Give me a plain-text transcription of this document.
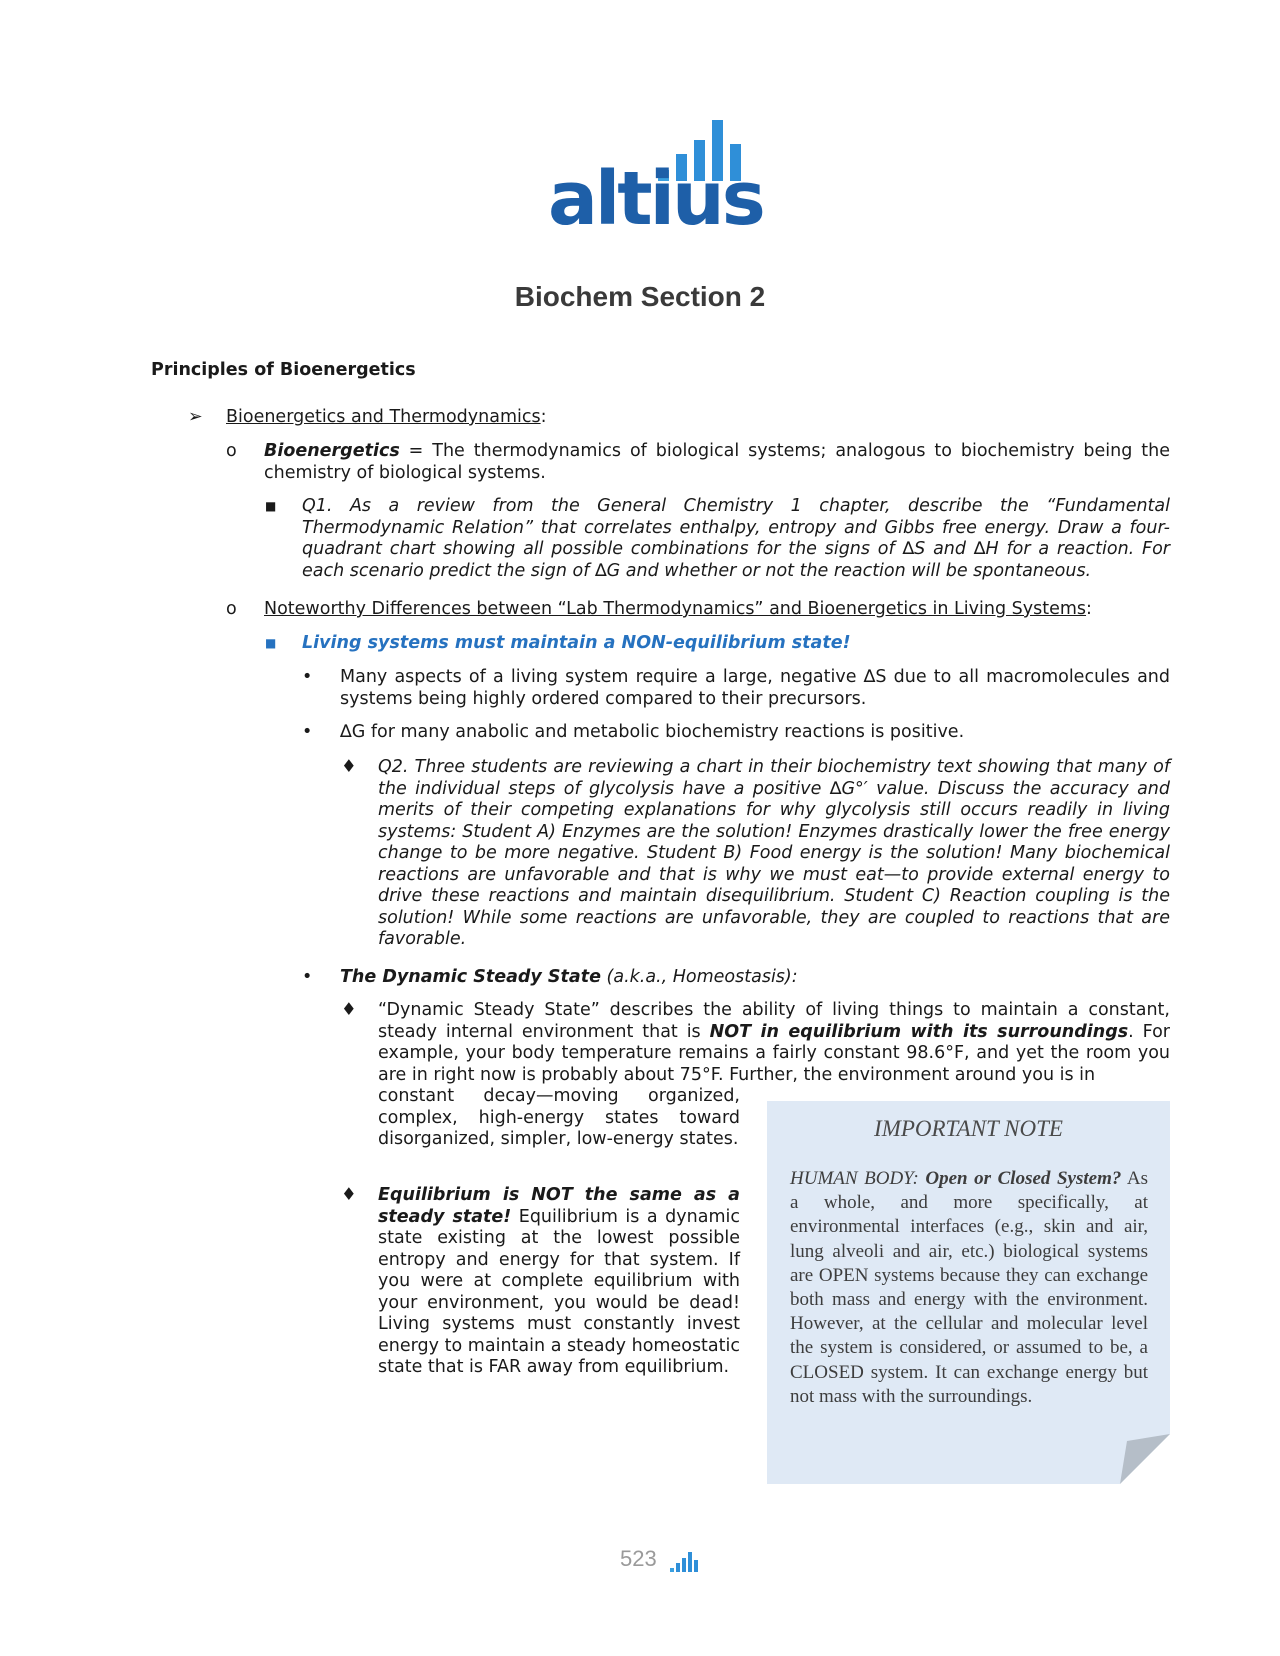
altius
Biochem Section 2
Principles of Bioenergetics
➢ Bioenergetics and Thermodynamics:
o Bioenergetics = The thermodynamics of biological systems; analogous to biochemistry being the chemistry of biological systems.
■ Q1. As a review from the General Chemistry 1 chapter, describe the “Fundamental Thermodynamic Relation” that correlates enthalpy, entropy and Gibbs free energy. Draw a four-quadrant chart showing all possible combinations for the signs of ∆S and ∆H for a reaction. For each scenario predict the sign of ∆G and whether or not the reaction will be spontaneous.
o Noteworthy Differences between “Lab Thermodynamics” and Bioenergetics in Living Systems:
■ Living systems must maintain a NON-equilibrium state!
• Many aspects of a living system require a large, negative ∆S due to all macromolecules and systems being highly ordered compared to their precursors.
• ∆G for many anabolic and metabolic biochemistry reactions is positive.
♦ Q2. Three students are reviewing a chart in their biochemistry text showing that many of the individual steps of glycolysis have a positive ∆G°′ value. Discuss the accuracy and merits of their competing explanations for why glycolysis still occurs readily in living systems: Student A) Enzymes are the solution! Enzymes drastically lower the free energy change to be more negative. Student B) Food energy is the solution! Many biochemical reactions are unfavorable and that is why we must eat—to provide external energy to drive these reactions and maintain disequilibrium. Student C) Reaction coupling is the solution! While some reactions are unfavorable, they are coupled to reactions that are favorable.
• The Dynamic Steady State (a.k.a., Homeostasis):
♦ “Dynamic Steady State” describes the ability of living things to maintain a constant, steady internal environment that is NOT in equilibrium with its surroundings. For example, your body temperature remains a fairly constant 98.6°F, and yet the room you are in right now is probably about 75°F. Further, the environment around you is in
constant decay—moving organized, complex, high-energy states toward disorganized, simpler, low-energy states.
♦ Equilibrium is NOT the same as a steady state! Equilibrium is a dynamic state existing at the lowest possible entropy and energy for that system. If you were at complete equilibrium with your environment, you would be dead! Living systems must constantly invest energy to maintain a steady homeostatic state that is FAR away from equilibrium.
IMPORTANT NOTE
HUMAN BODY: Open or Closed System? As a whole, and more specifically, at environmental interfaces (e.g., skin and air, lung alveoli and air, etc.) biological systems are OPEN systems because they can exchange both mass and energy with the environment. However, at the cellular and molecular level the system is considered, or assumed to be, a CLOSED system. It can exchange energy but not mass with the surroundings.
523
